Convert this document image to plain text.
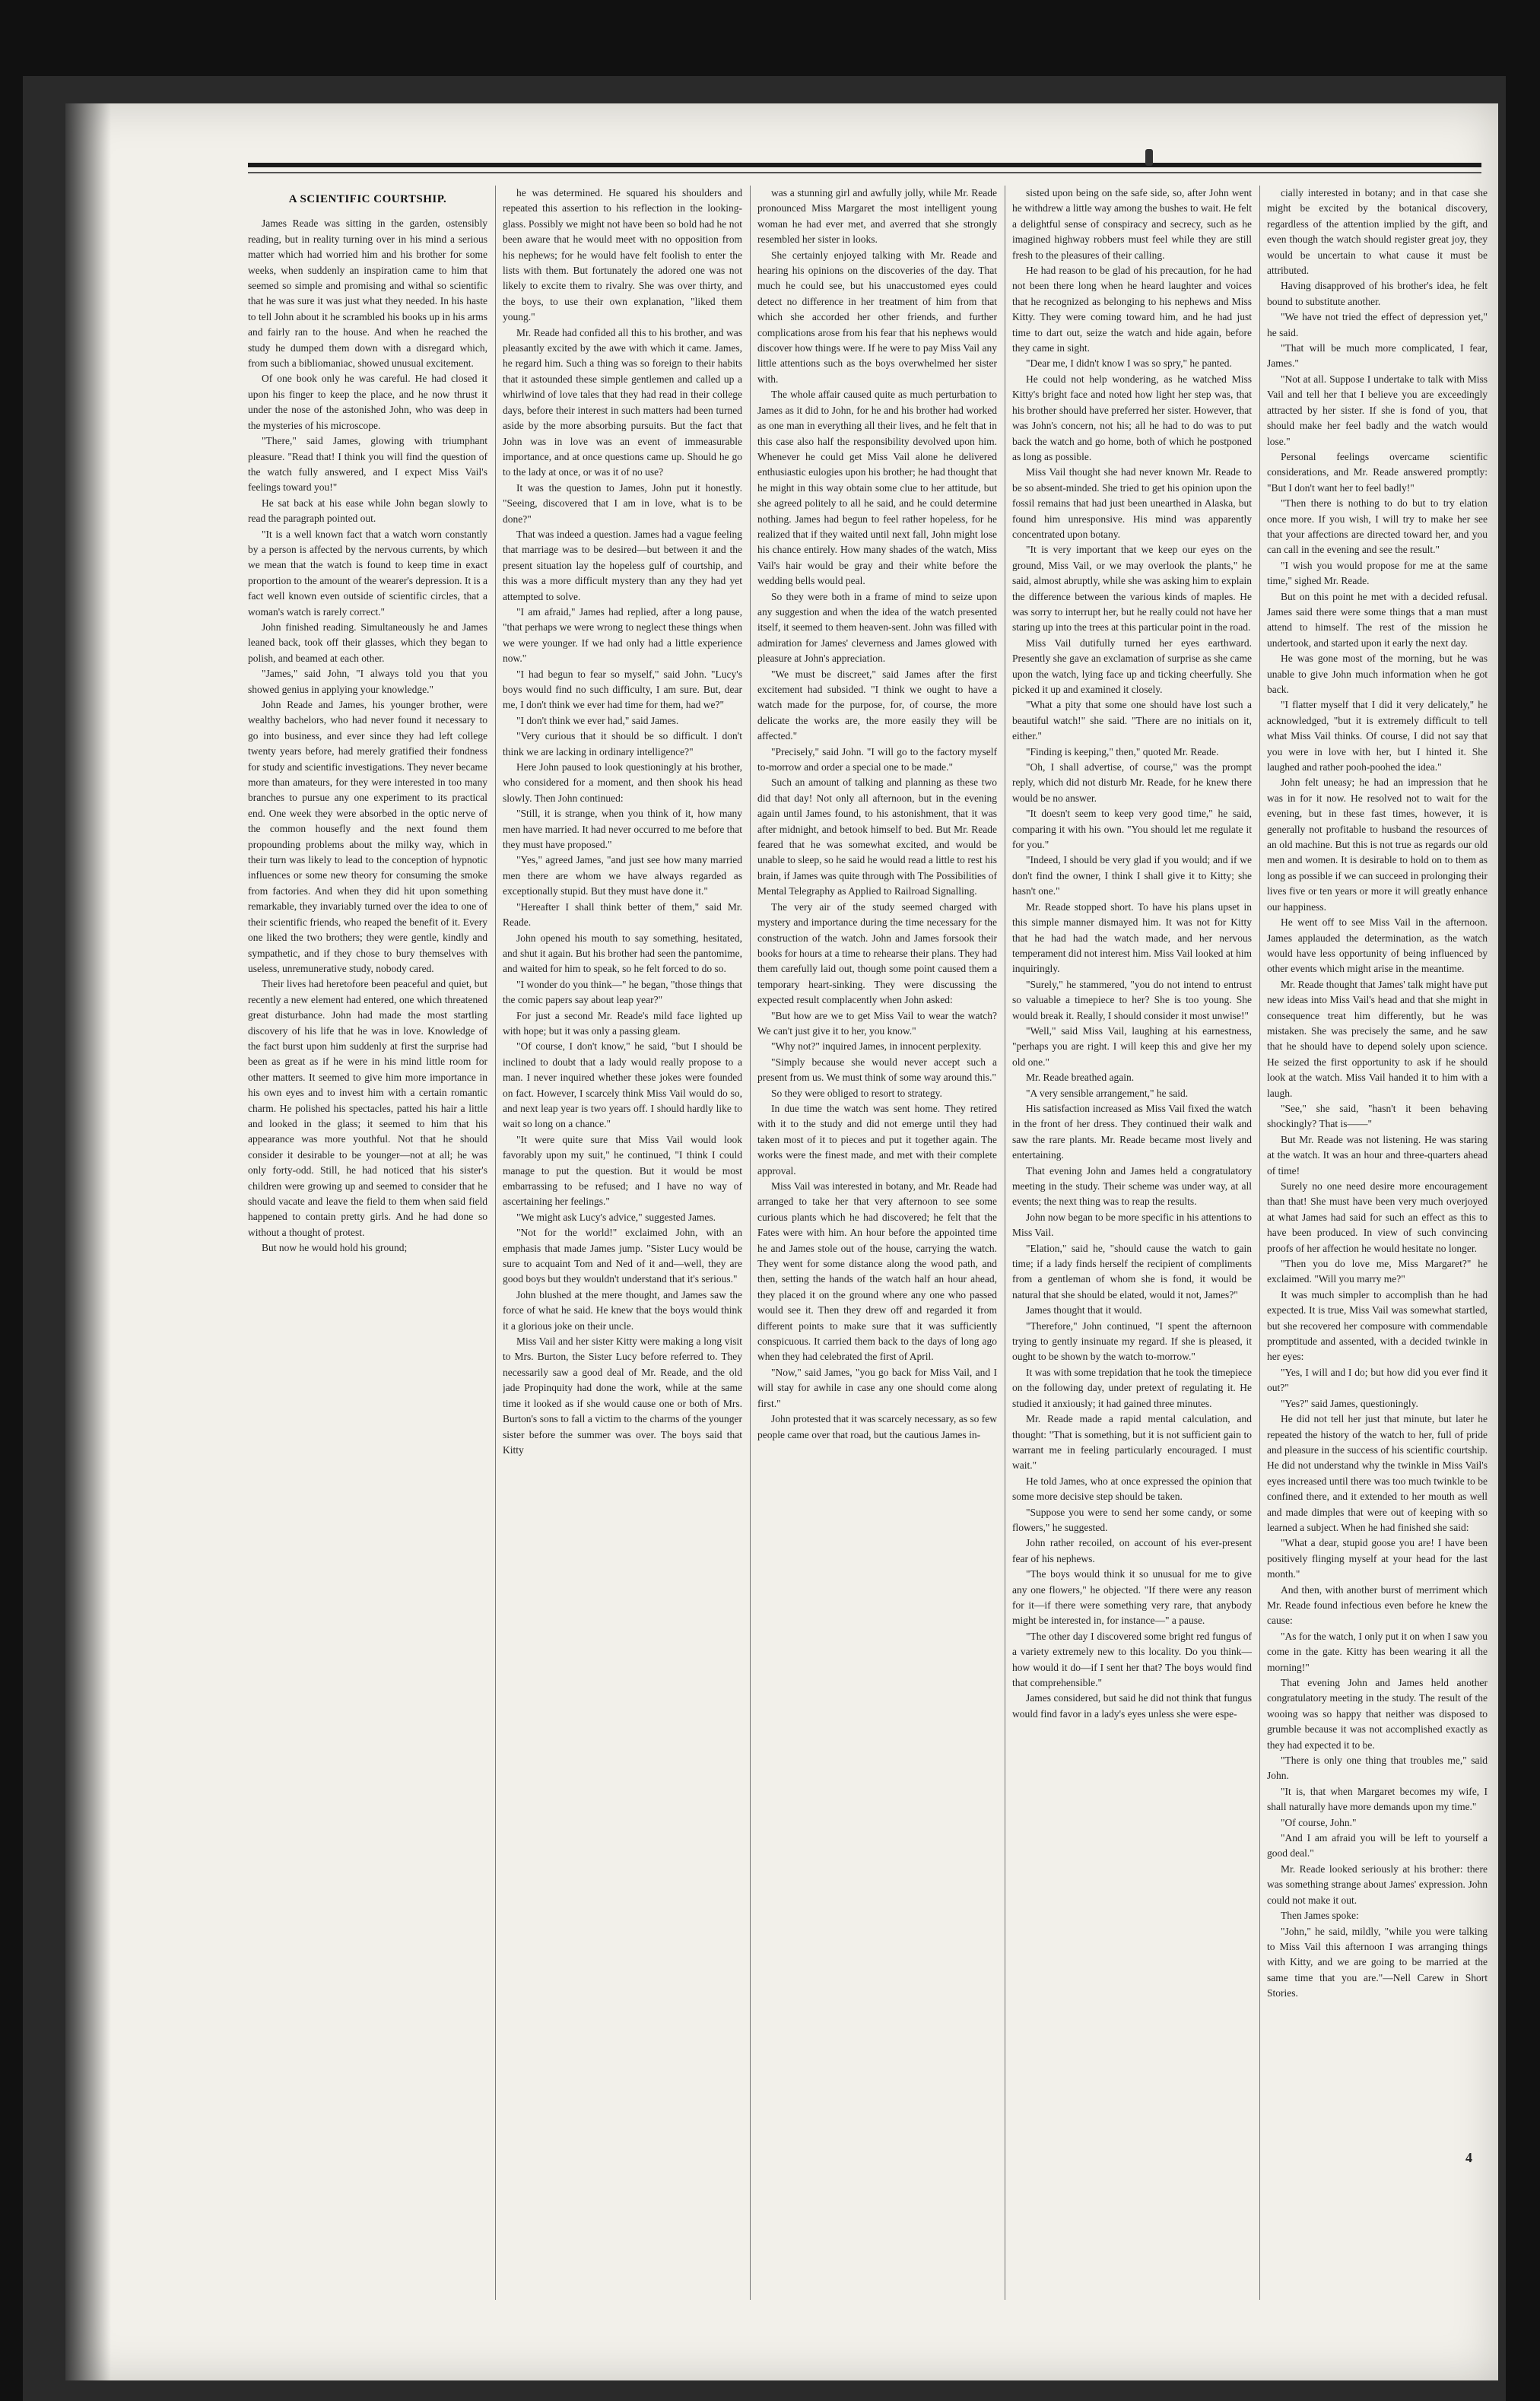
A SCIENTIFIC COURTSHIP.

James Reade was sitting in the garden, ostensibly reading, but in reality turning over in his mind a serious matter which had worried him and his brother for some weeks, when suddenly an inspiration came to him that seemed so simple and promising and withal so scientific that he was sure it was just what they needed. In his haste to tell John about it he scrambled his books up in his arms and fairly ran to the house. And when he reached the study he dumped them down with a disregard which, from such a bibliomaniac, showed unusual excitement.

Of one book only he was careful. He had closed it upon his finger to keep the place, and he now thrust it under the nose of the astonished John, who was deep in the mysteries of his microscope.

"There," said James, glowing with triumphant pleasure. "Read that! I think you will find the question of the watch fully answered, and I expect Miss Vail's feelings toward you!"

He sat back at his ease while John began slowly to read the paragraph pointed out.

"It is a well known fact that a watch worn constantly by a person is affected by the nervous currents, by which we mean that the watch is found to keep time in exact proportion to the amount of the wearer's depression. It is a fact well known even outside of scientific circles, that a woman's watch is rarely correct."

John finished reading. Simultaneously he and James leaned back, took off their glasses, which they began to polish, and beamed at each other.

"James," said John, "I always told you that you showed genius in applying your knowledge."

John Reade and James, his younger brother, were wealthy bachelors, who had never found it necessary to go into business, and ever since they had left college twenty years before, had merely gratified their fondness for study and scientific investigations. They never became more than amateurs, for they were interested in too many branches to pursue any one experiment to its practical end. One week they were absorbed in the optic nerve of the common housefly and the next found them propounding problems about the milky way, which in their turn was likely to lead to the conception of hypnotic influences or some new theory for consuming the smoke from factories. And when they did hit upon something remarkable, they invariably turned over the idea to one of their scientific friends, who reaped the benefit of it. Every one liked the two brothers; they were gentle, kindly and sympathetic, and if they chose to bury themselves with useless, unremunerative study, nobody cared.

Their lives had heretofore been peaceful and quiet, but recently a new element had entered, one which threatened great disturbance. John had made the most startling discovery of his life that he was in love. Knowledge of the fact burst upon him suddenly at first the surprise had been as great as if he were in his mind little room for other matters. It seemed to give him more importance in his own eyes and to invest him with a certain romantic charm. He polished his spectacles, patted his hair a little and looked in the glass; it seemed to him that his appearance was more youthful. Not that he should consider it desirable to be younger—not at all; he was only forty-odd. Still, he had noticed that his sister's children were growing up and seemed to consider that he should vacate and leave the field to them when said field happened to contain pretty girls. And he had done so without a thought of protest.

But now he would hold his ground;

he was determined. He squared his shoulders and repeated this assertion to his reflection in the looking-glass. Possibly we might not have been so bold had he not been aware that he would meet with no opposition from his nephews; for he would have felt foolish to enter the lists with them. But fortunately the adored one was not likely to excite them to rivalry. She was over thirty, and the boys, to use their own explanation, "liked them young."

Mr. Reade had confided all this to his brother, and was pleasantly excited by the awe with which it came. James, he regard him. Such a thing was so foreign to their habits that it astounded these simple gentlemen and called up a whirlwind of love tales that they had read in their college days, before their interest in such matters had been turned aside by the more absorbing pursuits. But the fact that John was in love was an event of immeasurable importance, and at once questions came up. Should he go to the lady at once, or was it of no use?

It was the question to James, John put it honestly. "Seeing, discovered that I am in love, what is to be done?"

That was indeed a question. James had a vague feeling that marriage was to be desired—but between it and the present situation lay the hopeless gulf of courtship, and this was a more difficult mystery than any they had yet attempted to solve.

"I am afraid," James had replied, after a long pause, "that perhaps we were wrong to neglect these things when we were younger. If we had only had a little experience now."

"I had begun to fear so myself," said John. "Lucy's boys would find no such difficulty, I am sure. But, dear me, I don't think we ever had time for them, had we?"

"I don't think we ever had," said James.

"Very curious that it should be so difficult. I don't think we are lacking in ordinary intelligence?"

Here John paused to look questioningly at his brother, who considered for a moment, and then shook his head slowly. Then John continued:

"Still, it is strange, when you think of it, how many men have married. It had never occurred to me before that they must have proposed."

"Yes," agreed James, "and just see how many married men there are whom we have always regarded as exceptionally stupid. But they must have done it."

"Hereafter I shall think better of them," said Mr. Reade.

John opened his mouth to say something, hesitated, and shut it again. But his brother had seen the pantomime, and waited for him to speak, so he felt forced to do so.

"I wonder do you think—" he began, "those things that the comic papers say about leap year?"

For just a second Mr. Reade's mild face lighted up with hope; but it was only a passing gleam.

"Of course, I don't know," he said, "but I should be inclined to doubt that a lady would really propose to a man. I never inquired whether these jokes were founded on fact. However, I scarcely think Miss Vail would do so, and next leap year is two years off. I should hardly like to wait so long on a chance."

"It were quite sure that Miss Vail would look favorably upon my suit," he continued, "I think I could manage to put the question. But it would be most embarrassing to be refused; and I have no way of ascertaining her feelings."

"We might ask Lucy's advice," suggested James.

"Not for the world!" exclaimed John, with an emphasis that made James jump. "Sister Lucy would be sure to acquaint Tom and Ned of it and—well, they are good boys but they wouldn't understand that it's serious."

John blushed at the mere thought, and James saw the force of what he said. He knew that the boys would think it a glorious joke on their uncle.

Miss Vail and her sister Kitty were making a long visit to Mrs. Burton, the Sister Lucy before referred to. They necessarily saw a good deal of Mr. Reade, and the old jade Propinquity had done the work, while at the same time it looked as if she would cause one or both of Mrs. Burton's sons to fall a victim to the charms of the younger sister before the summer was over. The boys said that Kitty

was a stunning girl and awfully jolly, while Mr. Reade pronounced Miss Margaret the most intelligent young woman he had ever met, and averred that she strongly resembled her sister in looks.

She certainly enjoyed talking with Mr. Reade and hearing his opinions on the discoveries of the day. That much he could see, but his unaccustomed eyes could detect no difference in her treatment of him from that which she accorded her other friends, and further complications arose from his fear that his nephews would discover how things were. If he were to pay Miss Vail any little attentions such as the boys overwhelmed her sister with.

The whole affair caused quite as much perturbation to James as it did to John, for he and his brother had worked as one man in everything all their lives, and he felt that in this case also half the responsibility devolved upon him. Whenever he could get Miss Vail alone he delivered enthusiastic eulogies upon his brother; he had thought that he might in this way obtain some clue to her attitude, but she agreed politely to all he said, and he could determine nothing. James had begun to feel rather hopeless, for he realized that if they waited until next fall, John might lose his chance entirely. How many shades of the watch, Miss Vail's hair would be gray and their white before the wedding bells would peal.

So they were both in a frame of mind to seize upon any suggestion and when the idea of the watch presented itself, it seemed to them heaven-sent. John was filled with admiration for James' cleverness and James glowed with pleasure at John's appreciation.

"We must be discreet," said James after the first excitement had subsided. "I think we ought to have a watch made for the purpose, for, of course, the more delicate the works are, the more easily they will be affected."

"Precisely," said John. "I will go to the factory myself to-morrow and order a special one to be made."

Such an amount of talking and planning as these two did that day! Not only all afternoon, but in the evening again until James found, to his astonishment, that it was after midnight, and betook himself to bed. But Mr. Reade feared that he was somewhat excited, and would be unable to sleep, so he said he would read a little to rest his brain, if James was quite through with The Possibilities of Mental Telegraphy as Applied to Railroad Signalling.

The very air of the study seemed charged with mystery and importance during the time necessary for the construction of the watch. John and James forsook their books for hours at a time to rehearse their plans. They had them carefully laid out, though some point caused them a temporary heart-sinking. They were discussing the expected result complacently when John asked:

"But how are we to get Miss Vail to wear the watch? We can't just give it to her, you know."

"Why not?" inquired James, in innocent perplexity.

"Simply because she would never accept such a present from us. We must think of some way around this."

So they were obliged to resort to strategy.

In due time the watch was sent home. They retired with it to the study and did not emerge until they had taken most of it to pieces and put it together again. The works were the finest made, and met with their complete approval.

Miss Vail was interested in botany, and Mr. Reade had arranged to take her that very afternoon to see some curious plants which he had discovered; he felt that the Fates were with him. An hour before the appointed time he and James stole out of the house, carrying the watch. They went for some distance along the wood path, and then, setting the hands of the watch half an hour ahead, they placed it on the ground where any one who passed would see it. Then they drew off and regarded it from different points to make sure that it was sufficiently conspicuous. It carried them back to the days of long ago when they had celebrated the first of April.

"Now," said James, "you go back for Miss Vail, and I will stay for awhile in case any one should come along first."

John protested that it was scarcely necessary, as so few people came over that road, but the cautious James in-

sisted upon being on the safe side, so, after John went he withdrew a little way among the bushes to wait. He felt a delightful sense of conspiracy and secrecy, such as he imagined highway robbers must feel while they are still fresh to the pleasures of their calling.

He had reason to be glad of his precaution, for he had not been there long when he heard laughter and voices that he recognized as belonging to his nephews and Miss Kitty. They were coming toward him, and he had just time to dart out, seize the watch and hide again, before they came in sight.

"Dear me, I didn't know I was so spry," he panted.

He could not help wondering, as he watched Miss Kitty's bright face and noted how light her step was, that his brother should have preferred her sister. However, that was John's concern, not his; all he had to do was to put back the watch and go home, both of which he postponed as long as possible.

Miss Vail thought she had never known Mr. Reade to be so absent-minded. She tried to get his opinion upon the fossil remains that had just been unearthed in Alaska, but found him unresponsive. His mind was apparently concentrated upon botany.

"It is very important that we keep our eyes on the ground, Miss Vail, or we may overlook the plants," he said, almost abruptly, while she was asking him to explain the difference between the various kinds of maples. He was sorry to interrupt her, but he really could not have her staring up into the trees at this particular point in the road.

Miss Vail dutifully turned her eyes earthward. Presently she gave an exclamation of surprise as she came upon the watch, lying face up and ticking cheerfully. She picked it up and examined it closely.

"What a pity that some one should have lost such a beautiful watch!" she said. "There are no initials on it, either."

"Finding is keeping," then," quoted Mr. Reade.

"Oh, I shall advertise, of course," was the prompt reply, which did not disturb Mr. Reade, for he knew there would be no answer.

"It doesn't seem to keep very good time," he said, comparing it with his own. "You should let me regulate it for you."

"Indeed, I should be very glad if you would; and if we don't find the owner, I think I shall give it to Kitty; she hasn't one."

Mr. Reade stopped short. To have his plans upset in this simple manner dismayed him. It was not for Kitty that he had had the watch made, and her nervous temperament did not interest him. Miss Vail looked at him inquiringly.

"Surely," he stammered, "you do not intend to entrust so valuable a timepiece to her? She is too young. She would break it. Really, I should consider it most unwise!"

"Well," said Miss Vail, laughing at his earnestness, "perhaps you are right. I will keep this and give her my old one."

Mr. Reade breathed again.

"A very sensible arrangement," he said.

His satisfaction increased as Miss Vail fixed the watch in the front of her dress. They continued their walk and saw the rare plants. Mr. Reade became most lively and entertaining.

That evening John and James held a congratulatory meeting in the study. Their scheme was under way, at all events; the next thing was to reap the results.

John now began to be more specific in his attentions to Miss Vail.

"Elation," said he, "should cause the watch to gain time; if a lady finds herself the recipient of compliments from a gentleman of whom she is fond, it would be natural that she should be elated, would it not, James?"

James thought that it would.

"Therefore," John continued, "I spent the afternoon trying to gently insinuate my regard. If she is pleased, it ought to be shown by the watch to-morrow."

It was with some trepidation that he took the timepiece on the following day, under pretext of regulating it. He studied it anxiously; it had gained three minutes.

Mr. Reade made a rapid mental calculation, and thought: "That is something, but it is not sufficient gain to warrant me in feeling particularly encouraged. I must wait."

He told James, who at once expressed the opinion that some more decisive step should be taken.

"Suppose you were to send her some candy, or some flowers," he suggested.

John rather recoiled, on account of his ever-present fear of his nephews.

"The boys would think it so unusual for me to give any one flowers," he objected. "If there were any reason for it—if there were something very rare, that anybody might be interested in, for instance—" a pause.

"The other day I discovered some bright red fungus of a variety extremely new to this locality. Do you think—how would it do—if I sent her that? The boys would find that comprehensible."

James considered, but said he did not think that fungus would find favor in a lady's eyes unless she were espe-

cially interested in botany; and in that case she might be excited by the botanical discovery, regardless of the attention implied by the gift, and even though the watch should register great joy, they would be uncertain to what cause it must be attributed.

Having disapproved of his brother's idea, he felt bound to substitute another.

"We have not tried the effect of depression yet," he said.

"That will be much more complicated, I fear, James."

"Not at all. Suppose I undertake to talk with Miss Vail and tell her that I believe you are exceedingly attracted by her sister. If she is fond of you, that should make her feel badly and the watch would lose."

Personal feelings overcame scientific considerations, and Mr. Reade answered promptly: "But I don't want her to feel badly!"

"Then there is nothing to do but to try elation once more. If you wish, I will try to make her see that your affections are directed toward her, and you can call in the evening and see the result."

"I wish you would propose for me at the same time," sighed Mr. Reade.

But on this point he met with a decided refusal. James said there were some things that a man must attend to himself. The rest of the mission he undertook, and started upon it early the next day.

He was gone most of the morning, but he was unable to give John much information when he got back.

"I flatter myself that I did it very delicately," he acknowledged, "but it is extremely difficult to tell what Miss Vail thinks. Of course, I did not say that you were in love with her, but I hinted it. She laughed and rather pooh-poohed the idea."

John felt uneasy; he had an impression that he was in for it now. He resolved not to wait for the evening, but in these fast times, however, it is generally not profitable to husband the resources of an old machine. But this is not true as regards our old men and women. It is desirable to hold on to them as long as possible if we can succeed in prolonging their lives five or ten years or more it will greatly enhance our happiness.

He went off to see Miss Vail in the afternoon. James applauded the determination, as the watch would have less opportunity of being influenced by other events which might arise in the meantime.

Mr. Reade thought that James' talk might have put new ideas into Miss Vail's head and that she might in consequence treat him differently, but he was mistaken. She was precisely the same, and he saw that he should have to depend solely upon science. He seized the first opportunity to ask if he should look at the watch. Miss Vail handed it to him with a laugh.

"See," she said, "hasn't it been behaving shockingly? That is——"

But Mr. Reade was not listening. He was staring at the watch. It was an hour and three-quarters ahead of time!

Surely no one need desire more encouragement than that! She must have been very much overjoyed at what James had said for such an effect as this to have been produced. In view of such convincing proofs of her affection he would hesitate no longer.

"Then you do love me, Miss Margaret?" he exclaimed. "Will you marry me?"

It was much simpler to accomplish than he had expected. It is true, Miss Vail was somewhat startled, but she recovered her composure with commendable promptitude and assented, with a decided twinkle in her eyes:

"Yes, I will and I do; but how did you ever find it out?"

"Yes?" said James, questioningly.

He did not tell her just that minute, but later he repeated the history of the watch to her, full of pride and pleasure in the success of his scientific courtship. He did not understand why the twinkle in Miss Vail's eyes increased until there was too much twinkle to be confined there, and it extended to her mouth as well and made dimples that were out of keeping with so learned a subject. When he had finished she said:

"What a dear, stupid goose you are! I have been positively flinging myself at your head for the last month."

And then, with another burst of merriment which Mr. Reade found infectious even before he knew the cause:

"As for the watch, I only put it on when I saw you come in the gate. Kitty has been wearing it all the morning!"

That evening John and James held another congratulatory meeting in the study. The result of the wooing was so happy that neither was disposed to grumble because it was not accomplished exactly as they had expected it to be.

"There is only one thing that troubles me," said John.

"It is, that when Margaret becomes my wife, I shall naturally have more demands upon my time."

"Of course, John."

"And I am afraid you will be left to yourself a good deal."

Mr. Reade looked seriously at his brother: there was something strange about James' expression. John could not make it out.

Then James spoke:

"John," he said, mildly, "while you were talking to Miss Vail this afternoon I was arranging things with Kitty, and we are going to be married at the same time that you are."—Nell Carew in Short Stories.

4
